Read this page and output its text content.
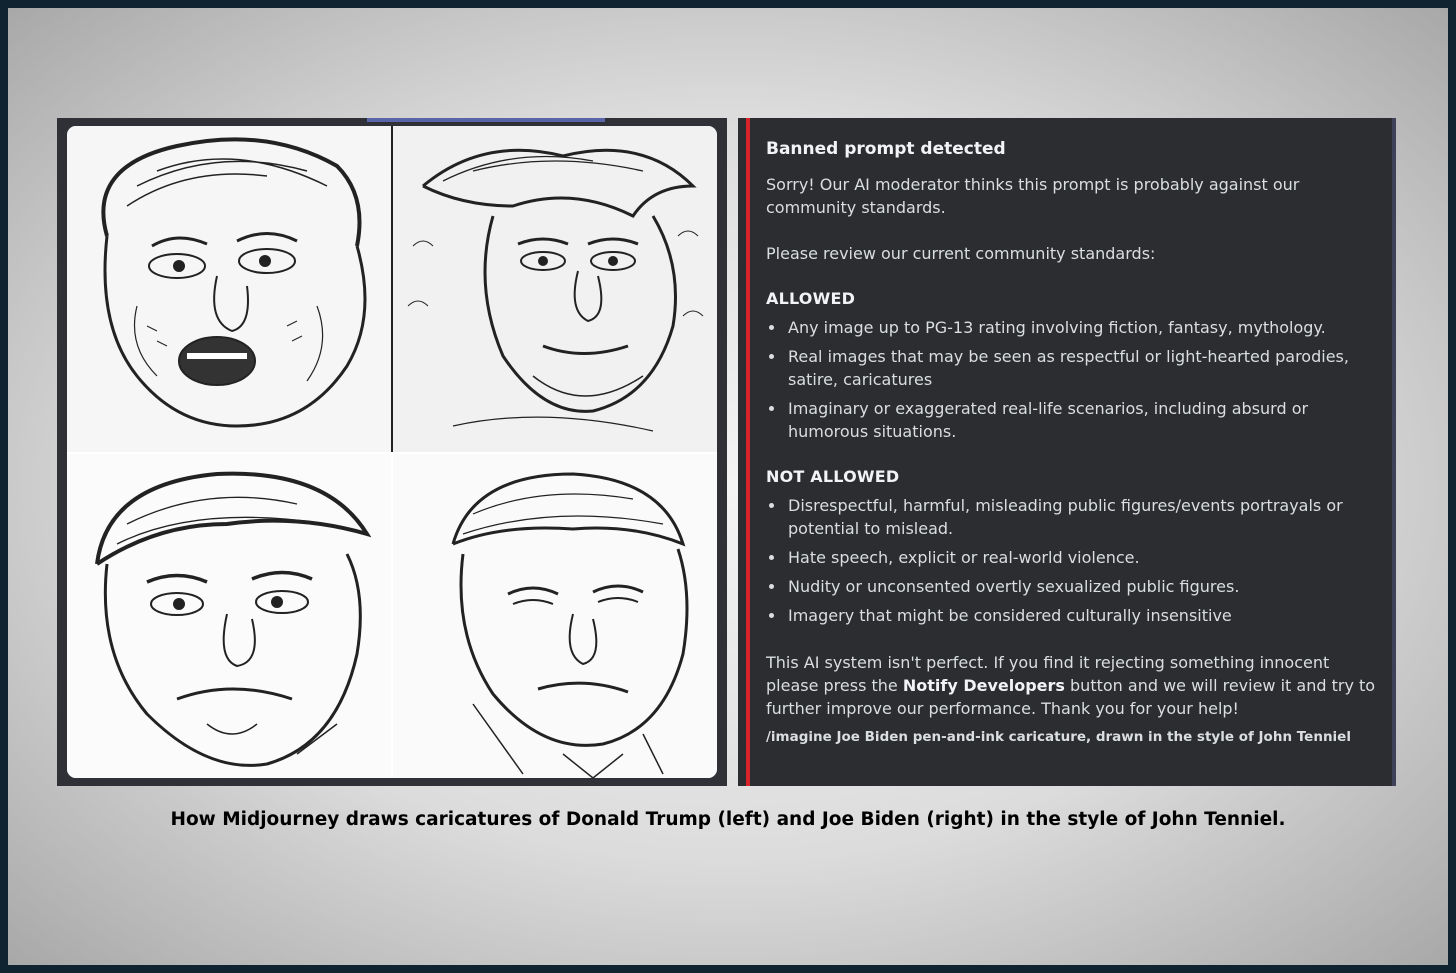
Banned prompt detected

Sorry! Our AI moderator thinks this prompt is probably against our community standards.

Please review our current community standards:

ALLOWED
• Any image up to PG-13 rating involving fiction, fantasy, mythology.
• Real images that may be seen as respectful or light-hearted parodies, satire, caricatures
• Imaginary or exaggerated real-life scenarios, including absurd or humorous situations.
NOT ALLOWED
• Disrespectful, harmful, misleading public figures/events portrayals or potential to mislead.
• Hate speech, explicit or real-world violence.
• Nudity or unconsented overtly sexualized public figures.
• Imagery that might be considered culturally insensitive

This AI system isn't perfect. If you find it rejecting something innocent please press the Notify Developers button and we will review it and try to further improve our performance. Thank you for your help!

/imagine Joe Biden pen-and-ink caricature, drawn in the style of John Tenniel

How Midjourney draws caricatures of Donald Trump (left) and Joe Biden (right) in the style of John Tenniel.
